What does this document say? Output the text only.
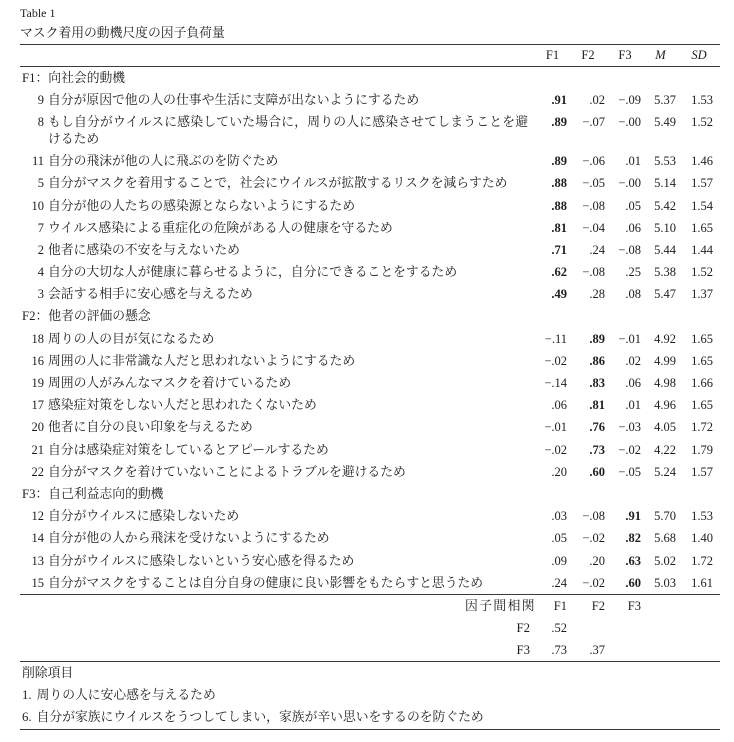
Table 1
マスク着用の動機尺度の因子負荷量
F1	F2	F3	M	SD
F1：向社会的動機
9 自分が原因で他の人の仕事や生活に支障が出ないようにするため	.91	.02	−.09	5.37	1.53
8 もし自分がウイルスに感染していた場合に，周りの人に感染させてしまうことを避けるため
.89	−.07	−.00	5.49	1.52
11 自分の飛沫が他の人に飛ぶのを防ぐため	.89	−.06	.01	5.53	1.46
5 自分がマスクを着用することで，社会にウイルスが拡散するリスクを減らすため	.88	−.05	−.00	5.14	1.57
10 自分が他の人たちの感染源とならないようにするため	.88	−.08	.05	5.42	1.54
7 ウイルス感染による重症化の危険がある人の健康を守るため	.81	−.04	.06	5.10	1.65
2 他者に感染の不安を与えないため	.71	.24	−.08	5.44	1.44
4 自分の大切な人が健康に暮らせるように，自分にできることをするため	.62	−.08	.25	5.38	1.52
3 会話する相手に安心感を与えるため	.49	.28	.08	5.47	1.37
F2：他者の評価の懸念
18 周りの人の目が気になるため	−.11	.89	−.01	4.92	1.65
16 周囲の人に非常識な人だと思われないようにするため	−.02	.86	.02	4.99	1.65
19 周囲の人がみんなマスクを着けているため	−.14	.83	.06	4.98	1.66
17 感染症対策をしない人だと思われたくないため	.06	.81	.01	4.96	1.65
20 他者に自分の良い印象を与えるため	−.01	.76	−.03	4.05	1.72
21 自分は感染症対策をしているとアピールするため	−.02	.73	−.02	4.22	1.79
22 自分がマスクを着けていないことによるトラブルを避けるため	.20	.60	−.05	5.24	1.57
F3：自己利益志向的動機
12 自分がウイルスに感染しないため	.03	−.08	.91	5.70	1.53
14 自分が他の人から飛沫を受けないようにするため	.05	−.02	.82	5.68	1.40
13 自分がウイルスに感染しないという安心感を得るため	.09	.20	.63	5.02	1.72
15 自分がマスクをすることは自分自身の健康に良い影響をもたらすと思うため	.24	−.02	.60	5.03	1.61
因子間相関	F1	F2	F3
F2	.52
F3	.73	.37
削除項目
1. 周りの人に安心感を与えるため
6. 自分が家族にウイルスをうつしてしまい，家族が辛い思いをするのを防ぐため
